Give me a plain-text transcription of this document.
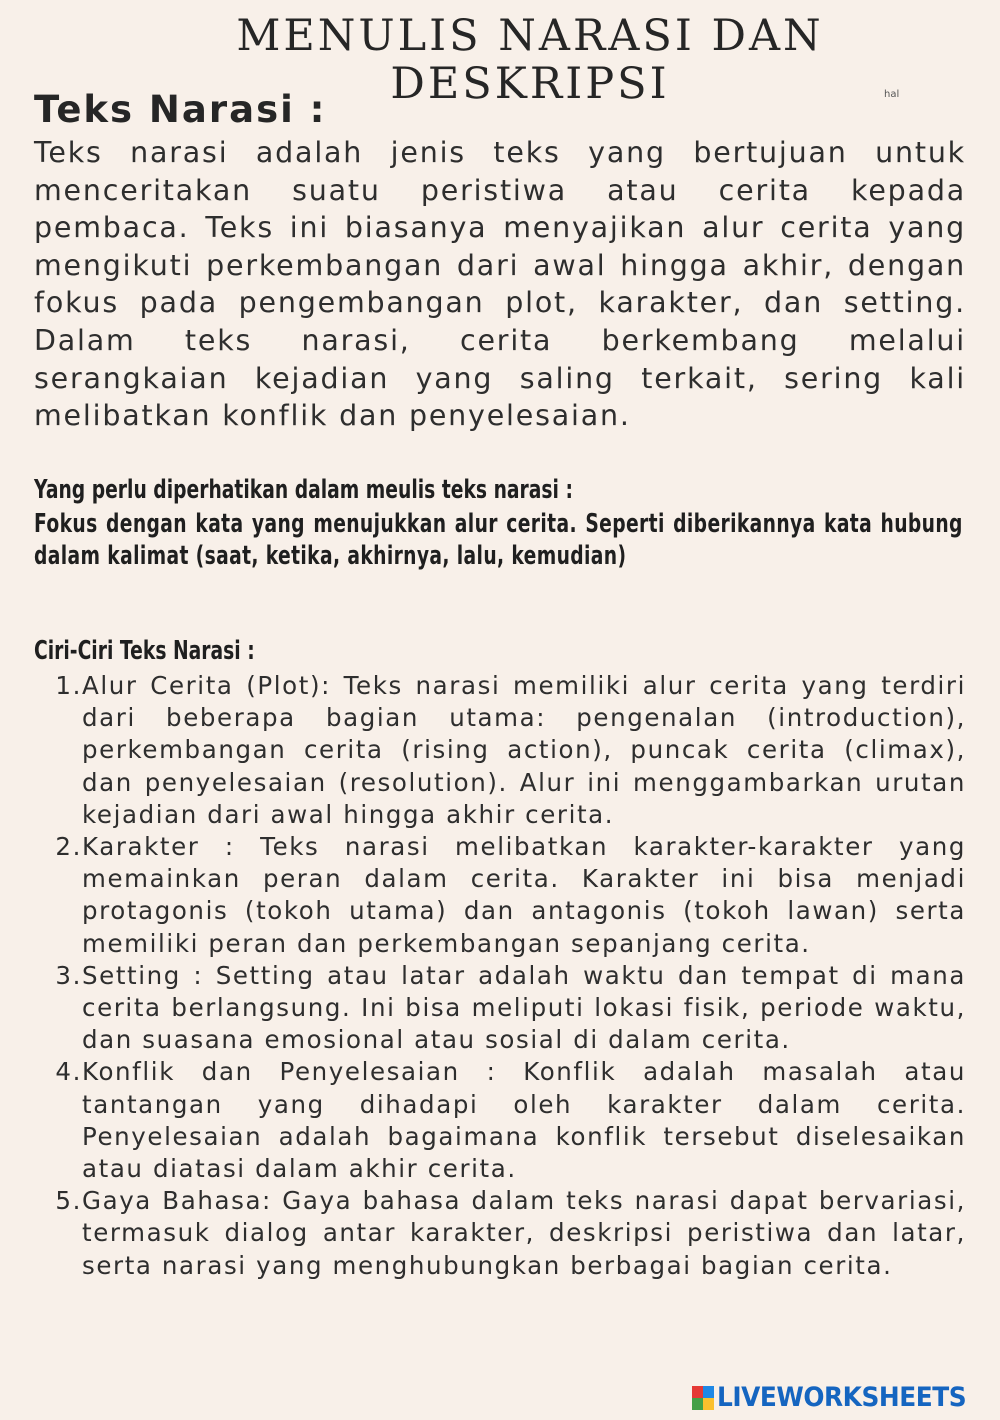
MENULIS NARASI DAN DESKRIPSI	hal
Teks Narasi :

Teks narasi adalah jenis teks yang bertujuan untuk menceritakan suatu peristiwa atau cerita kepada pembaca. Teks ini biasanya menyajikan alur cerita yang mengikuti perkembangan dari awal hingga akhir, dengan fokus pada pengembangan plot, karakter, dan setting. Dalam teks narasi, cerita berkembang melalui serangkaian kejadian yang saling terkait, sering kali melibatkan konflik dan penyelesaian.

Yang perlu diperhatikan dalam meulis teks narasi :

Fokus dengan kata yang menujukkan alur cerita. Seperti diberikannya kata hubung dalam kalimat (saat, ketika, akhirnya, lalu, kemudian)

Ciri-Ciri Teks Narasi :

1. Alur Cerita (Plot): Teks narasi memiliki alur cerita yang terdiri dari beberapa bagian utama: pengenalan (introduction), perkembangan cerita (rising action), puncak cerita (climax), dan penyelesaian (resolution). Alur ini menggambarkan urutan kejadian dari awal hingga akhir cerita.
2. Karakter : Teks narasi melibatkan karakter-karakter yang memainkan peran dalam cerita. Karakter ini bisa menjadi protagonis (tokoh utama) dan antagonis (tokoh lawan) serta memiliki peran dan perkembangan sepanjang cerita.
3. Setting : Setting atau latar adalah waktu dan tempat di mana cerita berlangsung. Ini bisa meliputi lokasi fisik, periode waktu, dan suasana emosional atau sosial di dalam cerita.
4. Konflik dan Penyelesaian : Konflik adalah masalah atau tantangan yang dihadapi oleh karakter dalam cerita. Penyelesaian adalah bagaimana konflik tersebut diselesaikan atau diatasi dalam akhir cerita.
5. Gaya Bahasa: Gaya bahasa dalam teks narasi dapat bervariasi, termasuk dialog antar karakter, deskripsi peristiwa dan latar, serta narasi yang menghubungkan berbagai bagian cerita.
LIVEWORKSHEETS
